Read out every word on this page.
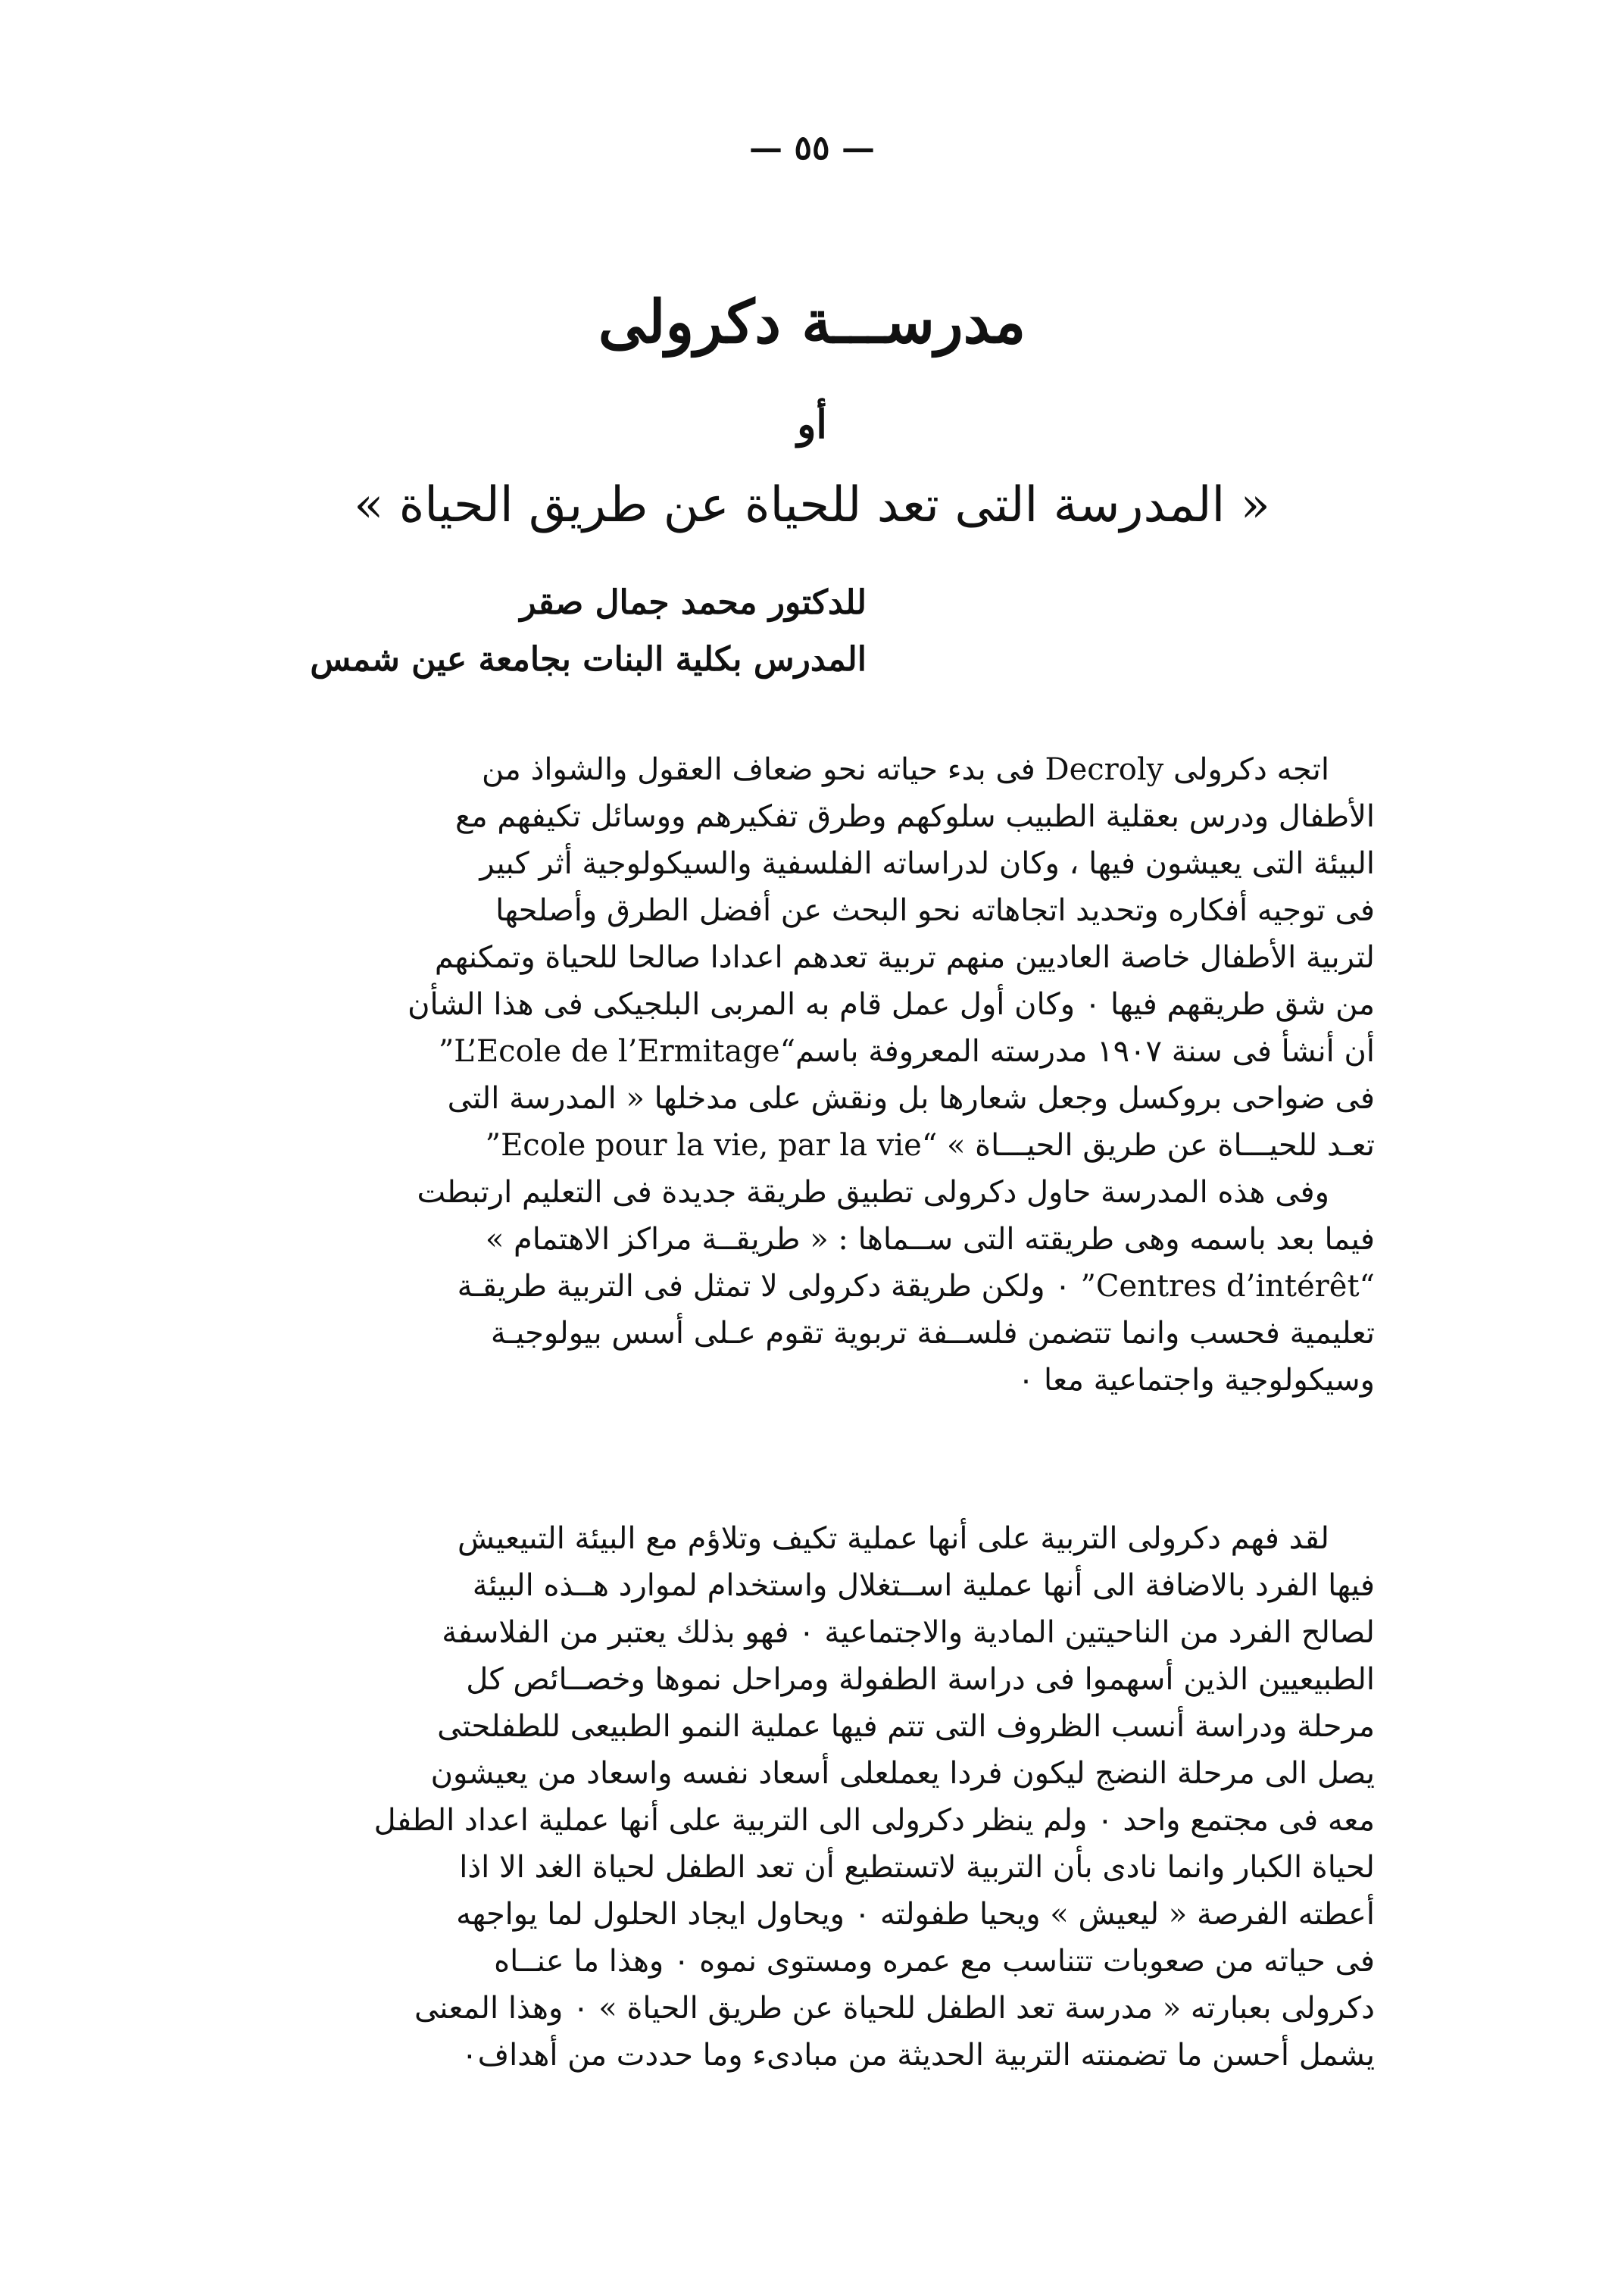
— ٥٥ —
مدرســـة دكرولى
أو
« المدرسة التى تعد للحياة عن طريق الحياة »
للدكتور محمد جمال صقر
المدرس بكلية البنات بجامعة عين شمس
اتجه دكرولى Decroly فى بدء حياته نحو ضعاف العقول والشواذ من
الأطفال ودرس بعقلية الطبيب سلوكهم وطرق تفكيرهم ووسائل تكيفهم مع
البيئة التى يعيشون فيها ، وكان لدراساته الفلسفية والسيكولوجية أثر كبير
فى توجيه أفكاره وتحديد اتجاهاته نحو البحث عن أفضل الطرق وأصلحها
لتربية الأطفال خاصة العاديين منهم تربية تعدهم اعدادا صالحا للحياة وتمكنهم
من شق طريقهم فيها ٠ وكان أول عمل قام به المربى البلجيكى فى هذا الشأن
أن أنشأ فى سنة ١٩٠٧ مدرسته المعروفة باسم“L’Ecole de l’Ermitage”
فى ضواحى بروكسل وجعل شعارها بل ونقش على مدخلها « المدرسة التى
تعـد للحيـــاة عن طريق الحيـــاة » “Ecole pour la vie, par la vie”
وفى هذه المدرسة حاول دكرولى تطبيق طريقة جديدة فى التعليم ارتبطت
فيما بعد باسمه وهى طريقته التى ســماها : « طريقــة مراكز الاهتمام »
“Centres d’intérêt” ٠ ولكن طريقة دكرولى لا تمثل فى التربية طريقـة
تعليمية فحسب وانما تتضمن فلســفة تربوية تقوم عـلى أسس بيولوجيـة
وسيكولوجية واجتماعية معا ٠
لقد فهم دكرولى التربية على أنها عملية تكيف وتلاؤم مع البيئة التىيعيش
فيها الفرد بالاضافة الى أنها عملية اســتغلال واستخدام لموارد هــذه البيئة
لصالح الفرد من الناحيتين المادية والاجتماعية ٠ فهو بذلك يعتبر من الفلاسفة
الطبيعيين الذين أسهموا فى دراسة الطفولة ومراحل نموها وخصــائص كل
مرحلة ودراسة أنسب الظروف التى تتم فيها عملية النمو الطبيعى للطفلحتى
يصل الى مرحلة النضج ليكون فردا يعملعلى أسعاد نفسه واسعاد من يعيشون
معه فى مجتمع واحد ٠ ولم ينظر دكرولى الى التربية على أنها عملية اعداد الطفل
لحياة الكبار وانما نادى بأن التربية لاتستطيع أن تعد الطفل لحياة الغد الا اذا
أعطته الفرصة « ليعيش » ويحيا طفولته ٠ ويحاول ايجاد الحلول لما يواجهه
فى حياته من صعوبات تتناسب مع عمره ومستوى نموه ٠ وهذا ما عنــاه
دكرولى بعبارته « مدرسة تعد الطفل للحياة عن طريق الحياة » ٠ وهذا المعنى
يشمل أحسن ما تضمنته التربية الحديثة من مبادىء وما حددت من أهداف٠
